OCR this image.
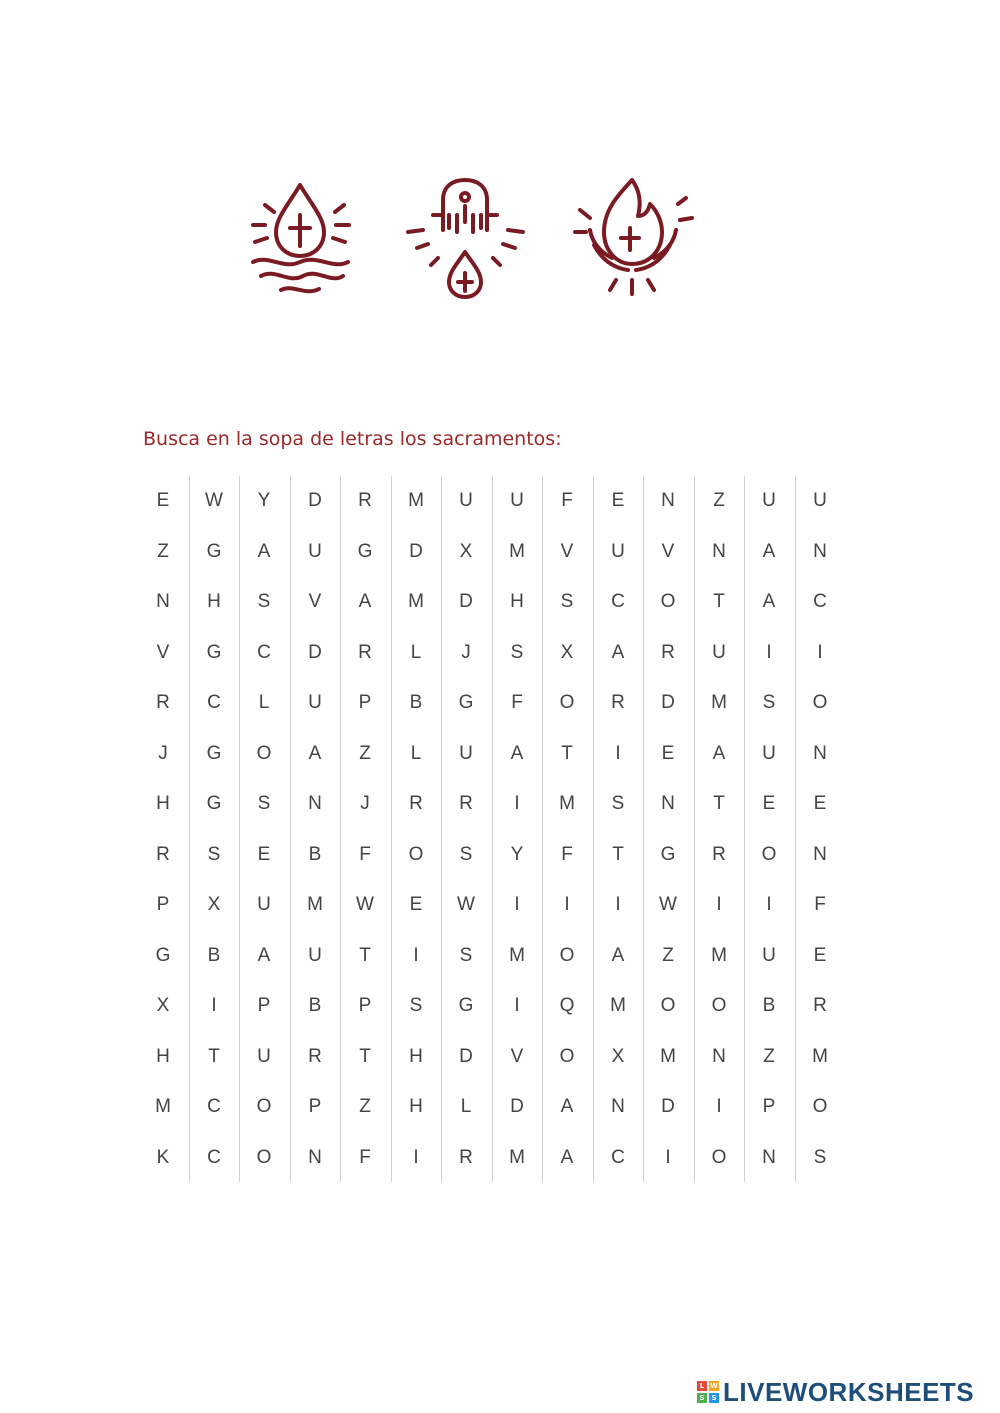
Busca en la sopa de letras los sacramentos:
E	W	Y	D	R	M	U	U	F	E	N	Z	U	U
Z	G	A	U	G	D	X	M	V	U	V	N	A	N
N	H	S	V	A	M	D	H	S	C	O	T	A	C
V	G	C	D	R	L	J	S	X	A	R	U	I	I
R	C	L	U	P	B	G	F	O	R	D	M	S	O
J	G	O	A	Z	L	U	A	T	I	E	A	U	N
H	G	S	N	J	R	R	I	M	S	N	T	E	E
R	S	E	B	F	O	S	Y	F	T	G	R	O	N
P	X	U	M	W	E	W	I	I	I	W	I	I	F
G	B	A	U	T	I	S	M	O	A	Z	M	U	E
X	I	P	B	P	S	G	I	Q	M	O	O	B	R
H	T	U	R	T	H	D	V	O	X	M	N	Z	M
M	C	O	P	Z	H	L	D	A	N	D	I	P	O
K	C	O	N	F	I	R	M	A	C	I	O	N	S
L W
S S LIVEWORKSHEETS
